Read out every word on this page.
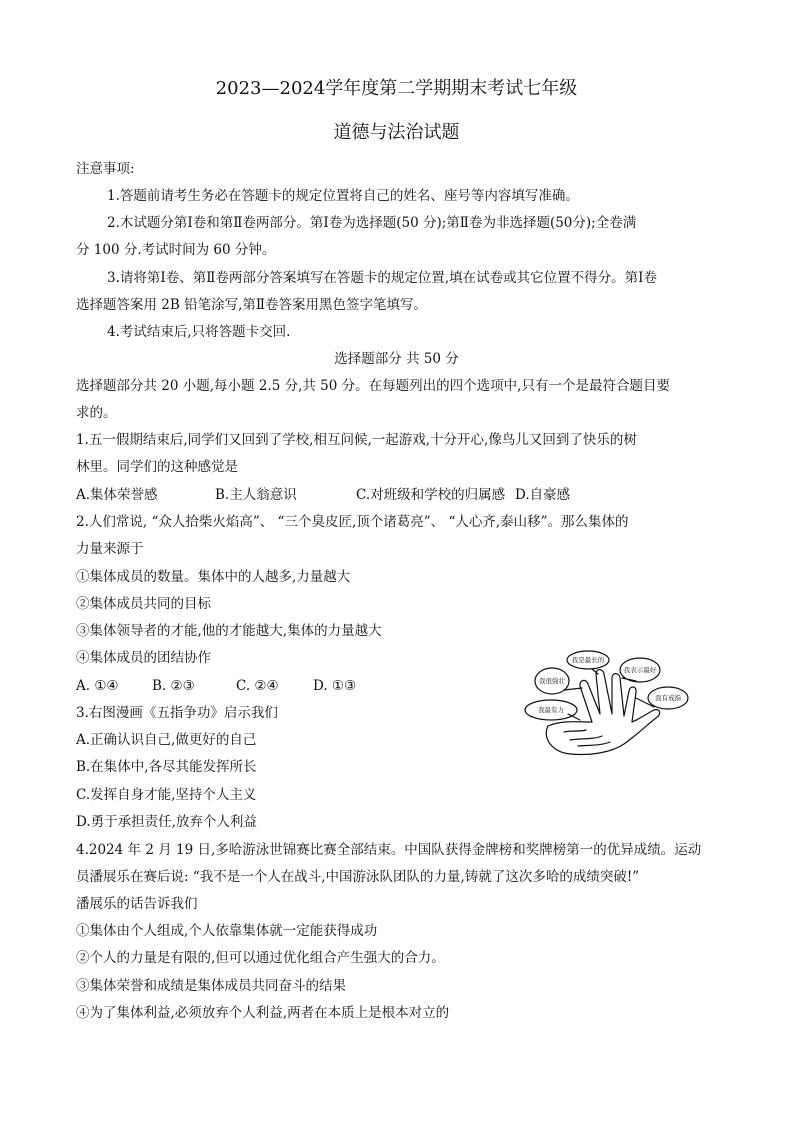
2023—2024学年度第二学期期末考试七年级
道德与法治试题
注意事项:
1.答题前请考生务必在答题卡的规定位置将自己的姓名、座号等内容填写准确。
2.木试题分第Ⅰ卷和第Ⅱ卷两部分。第Ⅰ卷为选择题(50 分);第Ⅱ卷为非选择题(50分);全卷满
分 100 分.考试时间为 60 分钟。
3.请将第Ⅰ卷、第Ⅱ卷两部分答案填写在答题卡的规定位置,填在试卷或其它位置不得分。第Ⅰ卷
选择题答案用 2B 铅笔涂写,第Ⅱ卷答案用黑色签字笔填写。
4.考试结束后,只将答题卡交回.
选择题部分 共 50 分
选择题部分共 20 小题,每小题 2.5 分,共 50 分。在每题列出的四个选项中,只有一个是最符合题目要
求的。
1.五一假期结束后,同学们又回到了学校,相互问候,一起游戏,十分开心,像鸟儿又回到了快乐的树
林里。同学们的这种感觉是
A.集体荣誉感	B.主人翁意识	C.对班级和学校的归属感 D.自豪感
2.人们常说, “众人拾柴火焰高”、 “三个臭皮匠,顶个诸葛亮”、 “人心齐,泰山移”。那么集体的
力量来源于
①集体成员的数量。集体中的人越多,力量越大
②集体成员共同的目标
③集体领导者的才能,他的才能越大,集体的力量越大
④集体成员的团结协作
A. ①④ B. ②③	C. ②④	D. ①③
3.右图漫画《五指争功》启示我们
A.正确认识自己,做更好的自己
B.在集体中,各尽其能发挥所长
C.发挥自身才能,坚持个人主义
D.勇于承担责任,放弃个人利益
我最有力
我很强壮
我是最长的
我表示最好
我有戒指
4.2024 年 2 月 19 日,多哈游泳世锦赛比赛全部结束。中国队获得金牌榜和奖牌榜第一的优异成绩。运动
员潘展乐在赛后说: “我不是一个人在战斗,中国游泳队团队的力量,铸就了这次多哈的成绩突破!”
潘展乐的话告诉我们
①集体由个人组成,个人依靠集体就一定能获得成功
②个人的力量是有限的,但可以通过优化组合产生强大的合力。
③集体荣誉和成绩是集体成员共同奋斗的结果
④为了集体利益,必须放弃个人利益,两者在本质上是根本对立的
